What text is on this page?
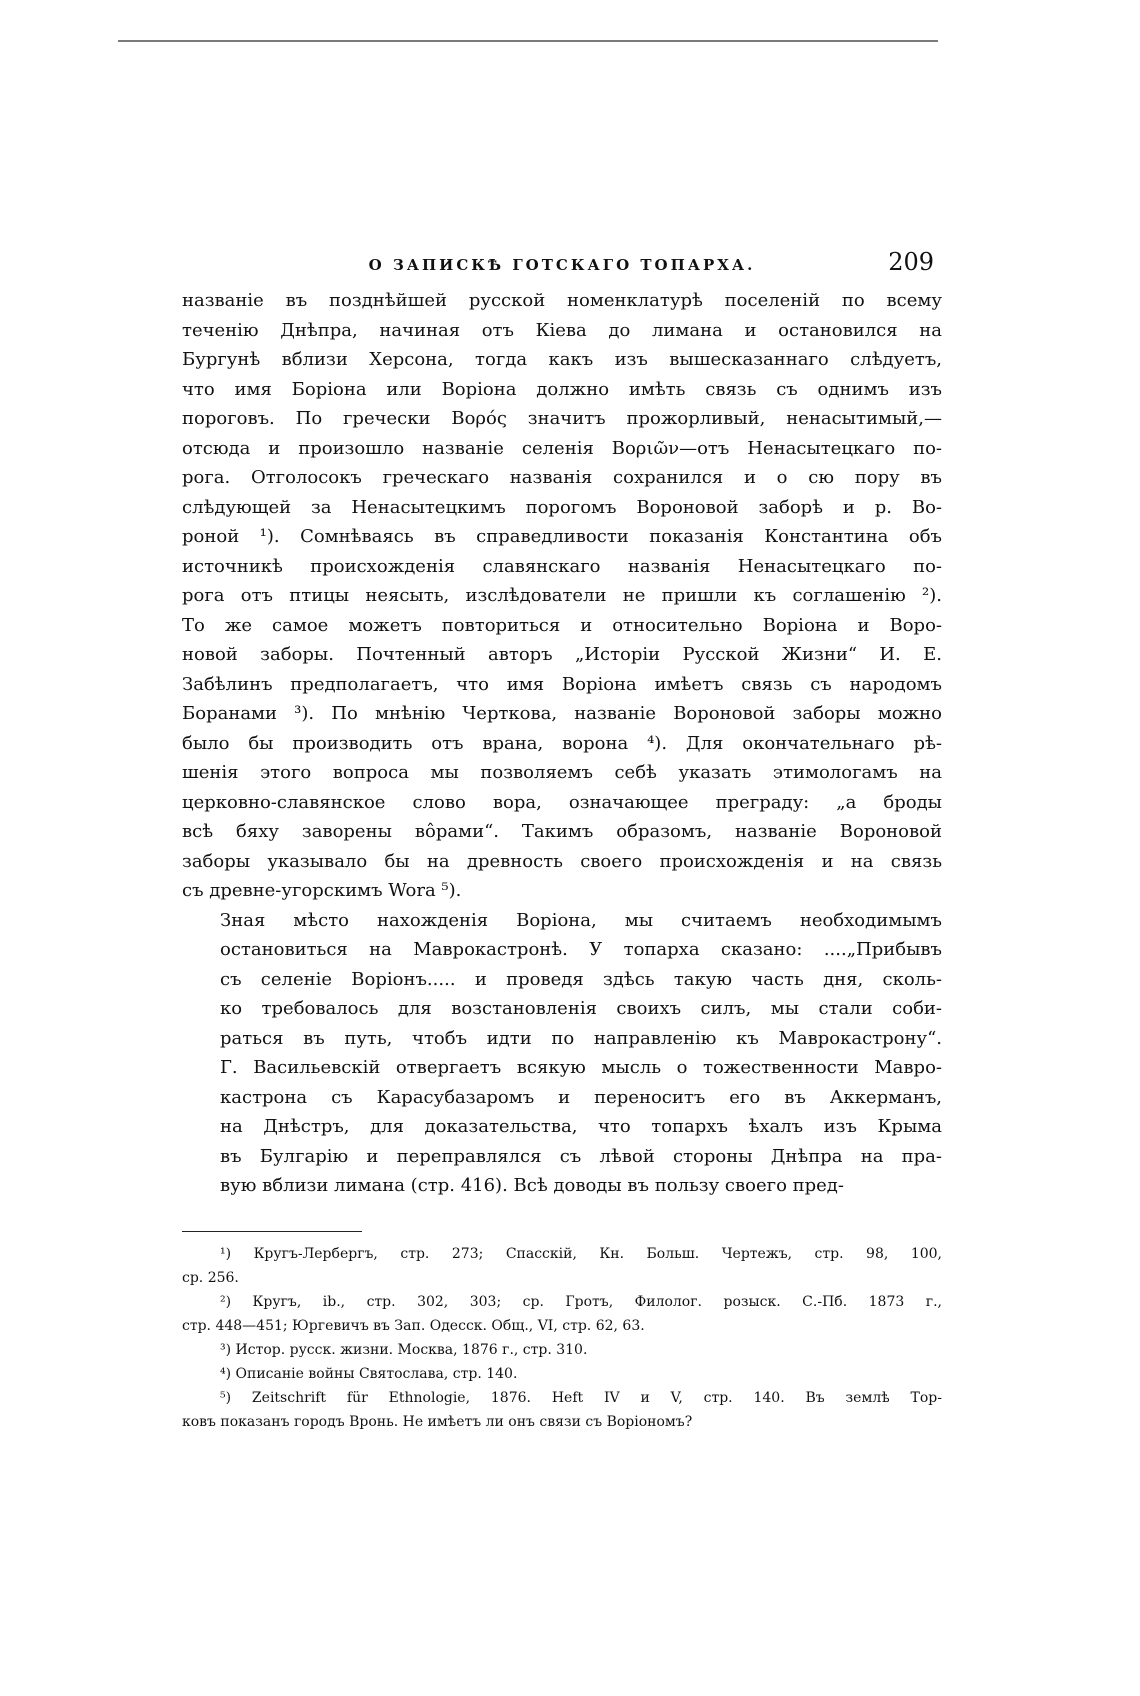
О ЗАПИСКѢ ГОТСКАГО ТОПАРХА.	209

названіе въ позднѣйшей русской номенклатурѣ поселеній по всему
теченію Днѣпра, начиная отъ Кіева до лимана и остановился на
Бургунѣ вблизи Херсона, тогда какъ изъ вышесказаннаго слѣдуетъ,
что имя Боріона или Воріона должно имѣть связь съ однимъ изъ
пороговъ. По гречески Βορός значитъ прожорливый, ненасытимый,—
отсюда и произошло названіе селенія Βοριῶν—отъ Ненасытецкаго по-
рога. Отголосокъ греческаго названія сохранился и о сю пору въ
слѣдующей за Ненасытецкимъ порогомъ Вороновой заборѣ и р. Во-
роной ¹). Сомнѣваясь въ справедливости показанія Константина объ
источникѣ происхожденія славянскаго названія Ненасытецкаго по-
рога отъ птицы неясыть, изслѣдователи не пришли къ соглашенію ²).
То же самое можетъ повториться и относительно Воріона и Воро-
новой заборы. Почтенный авторъ „Исторіи Русской Жизни“ И. Е.
Забѣлинъ предполагаетъ, что имя Воріона имѣетъ связь съ народомъ
Боранами ³). По мнѣнію Черткова, названіе Вороновой заборы можно
было бы производить отъ врана, ворона ⁴). Для окончательнаго рѣ-
шенія этого вопроса мы позволяемъ себѣ указать этимологамъ на
церковно-славянское слово вора, означающее преграду: „а броды
всѣ бяху заворены вôрами“. Такимъ образомъ, названіе Вороновой
заборы указывало бы на древность своего происхожденія и на связь
съ древне-угорскимъ Wora ⁵).

Зная мѣсто нахожденія Воріона, мы считаемъ необходимымъ
остановиться на Маврокастронѣ. У топарха сказано: ....„Прибывъ
съ селеніе Воріонъ..... и проведя здѣсь такую часть дня, сколь-
ко требовалось для возстановленія своихъ силъ, мы стали соби-
раться въ путь, чтобъ идти по направленію къ Маврокастрону“.
Г. Васильевскій отвергаетъ всякую мысль о тожественности Мавро-
кастрона съ Карасубазаромъ и переноситъ его въ Аккерманъ,
на Днѣстръ, для доказательства, что топархъ ѣхалъ изъ Крыма
въ Булгарію и переправлялся съ лѣвой стороны Днѣпра на пра-
вую вблизи лимана (стр. 416). Всѣ доводы въ пользу своего пред-

¹) Кругъ-Лербергъ, стр. 273; Спасскій, Кн. Больш. Чертежъ, стр. 98, 100,
ср. 256.
²) Кругъ, ib., стр. 302, 303; ср. Гротъ, Филолог. розыск. С.-Пб. 1873 г.,
стр. 448—451; Юргевичъ въ Зап. Одесск. Общ., VI, стр. 62, 63.
³) Истор. русск. жизни. Москва, 1876 г., стр. 310.
⁴) Описаніе войны Святослава, стр. 140.
⁵) Zeitschrift für Ethnologie, 1876. Heft IV и V, стр. 140. Въ землѣ Тор-
ковъ показанъ городъ Вронь. Не имѣетъ ли онъ связи съ Воріономъ?
